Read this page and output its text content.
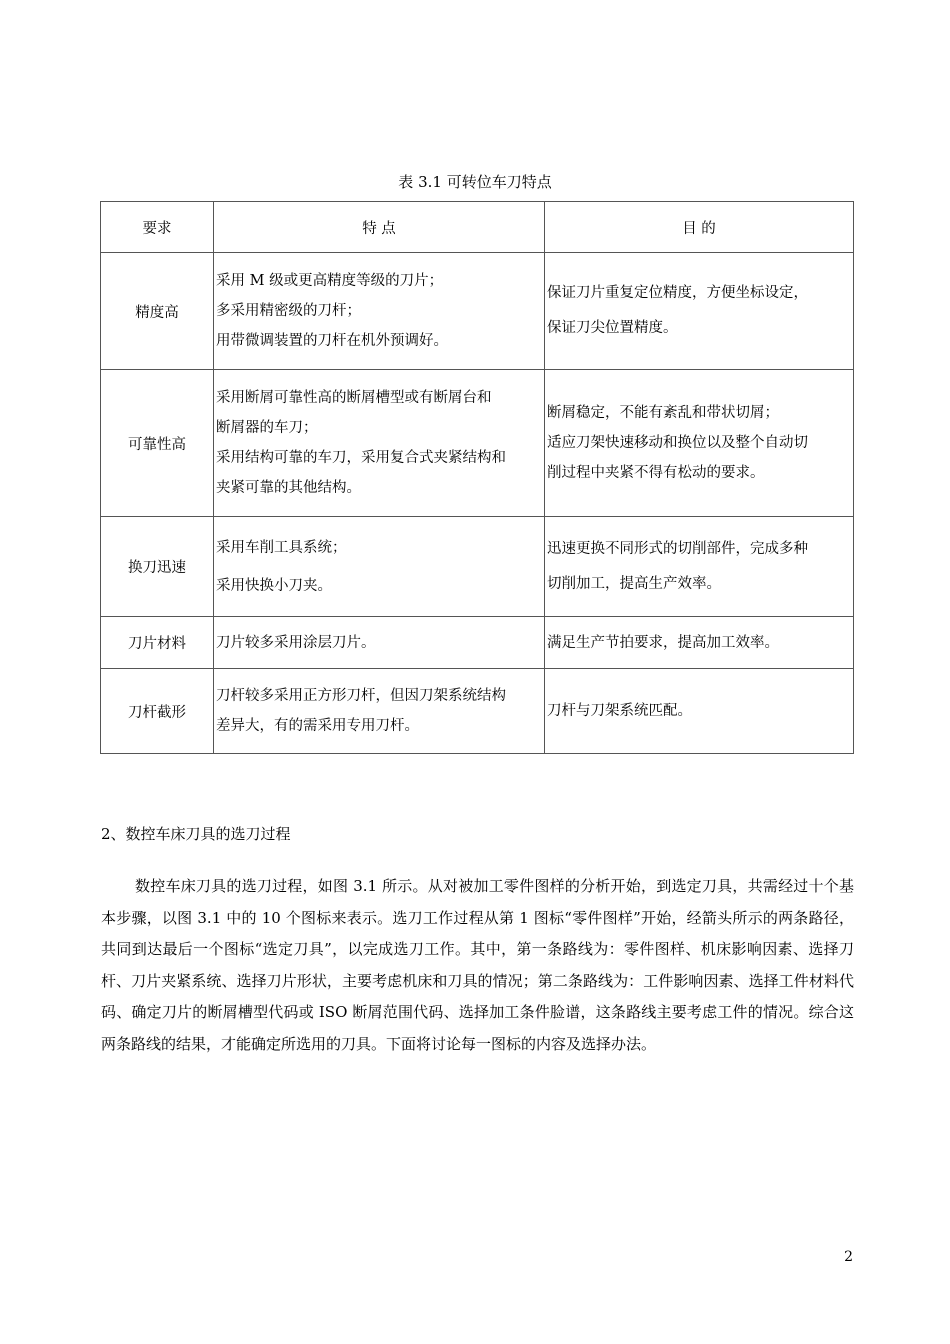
表 3.1 可转位车刀特点
要求	特 点	目 的
精度高	采用 M 级或更高精度等级的刀片；
多采用精密级的刀杆；
用带微调装置的刀杆在机外预调好。	保证刀片重复定位精度，方便坐标设定，
保证刀尖位置精度。

可靠性高	采用断屑可靠性高的断屑槽型或有断屑台和
断屑器的车刀；
采用结构可靠的车刀，采用复合式夹紧结构和
夹紧可靠的其他结构。	断屑稳定，不能有紊乱和带状切屑；
适应刀架快速移动和换位以及整个自动切
削过程中夹紧不得有松动的要求。

换刀迅速	采用车削工具系统；
采用快换小刀夹。	迅速更换不同形式的切削部件，完成多种
切削加工，提高生产效率。

刀片材料	刀片较多采用涂层刀片。	满足生产节拍要求，提高加工效率。

刀杆截形	刀杆较多采用正方形刀杆，但因刀架系统结构
差异大，有的需采用专用刀杆。	刀杆与刀架系统匹配。
2、数控车床刀具的选刀过程

数控车床刀具的选刀过程，如图 3.1 所示。从对被加工零件图样的分析开始，到选定刀具，共需经过十个基本步骤，以图 3.1 中的 10 个图标来表示。选刀工作过程从第 1 图标“零件图样”开始，经箭头所示的两条路径，共同到达最后一个图标“选定刀具”，以完成选刀工作。其中，第一条路线为：零件图样、机床影响因素、选择刀杆、刀片夹紧系统、选择刀片形状，主要考虑机床和刀具的情况；第二条路线为：工件影响因素、选择工件材料代码、确定刀片的断屑槽型代码或 ISO 断屑范围代码、选择加工条件脸谱，这条路线主要考虑工件的情况。综合这两条路线的结果，才能确定所选用的刀具。下面将讨论每一图标的内容及选择办法。

2
